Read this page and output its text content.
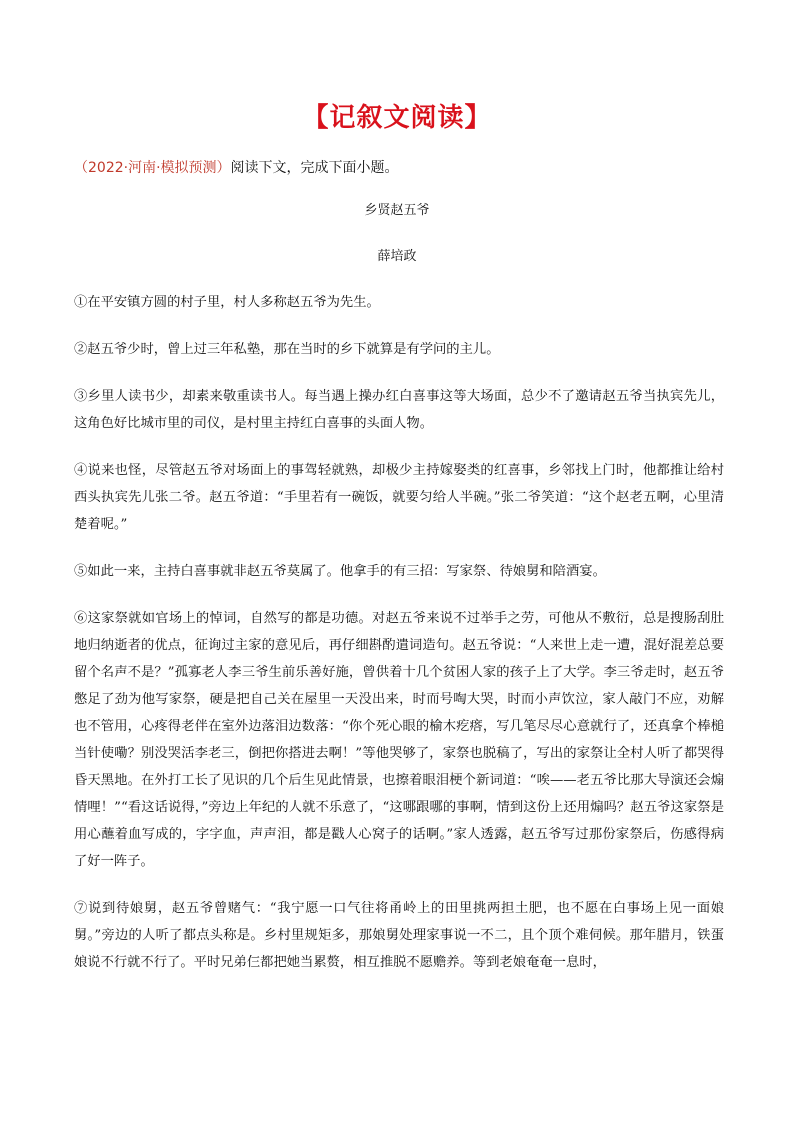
【记叙文阅读】
（2022·河南·模拟预测）阅读下文，完成下面小题。
乡贤赵五爷
薛培政

①在平安镇方圆的村子里，村人多称赵五爷为先生。

②赵五爷少时，曾上过三年私塾，那在当时的乡下就算是有学问的主儿。

③乡里人读书少，却素来敬重读书人。每当遇上操办红白喜事这等大场面，总少不了邀请赵五爷当执宾先儿，这角色好比城市里的司仪，是村里主持红白喜事的头面人物。

④说来也怪，尽管赵五爷对场面上的事驾轻就熟，却极少主持嫁娶类的红喜事，乡邻找上门时，他都推让给村西头执宾先儿张二爷。赵五爷道：“手里若有一碗饭，就要匀给人半碗。”张二爷笑道：“这个赵老五啊，心里清楚着呢。”

⑤如此一来，主持白喜事就非赵五爷莫属了。他拿手的有三招：写家祭、待娘舅和陪酒宴。

⑥这家祭就如官场上的悼词，自然写的都是功德。对赵五爷来说不过举手之劳，可他从不敷衍，总是搜肠刮肚地归纳逝者的优点，征询过主家的意见后，再仔细斟酌遣词造句。赵五爷说：“人来世上走一遭，混好混差总要留个名声不是？”孤寡老人李三爷生前乐善好施，曾供着十几个贫困人家的孩子上了大学。李三爷走时，赵五爷憋足了劲为他写家祭，硬是把自己关在屋里一天没出来，时而号啕大哭，时而小声饮泣，家人敲门不应，劝解也不管用，心疼得老伴在室外边落泪边数落：“你个死心眼的榆木疙瘩，写几笔尽尽心意就行了，还真拿个棒槌当针使嘞？别没哭活李老三，倒把你搭进去啊！”等他哭够了，家祭也脱稿了，写出的家祭让全村人听了都哭得昏天黑地。在外打工长了见识的几个后生见此情景，也擦着眼泪梗个新词道：“唉——老五爷比那大导演还会煽情哩！”“看这话说得，”旁边上年纪的人就不乐意了，“这哪跟哪的事啊，情到这份上还用煽吗？赵五爷这家祭是用心蘸着血写成的，字字血，声声泪，都是戳人心窝子的话啊。”家人透露，赵五爷写过那份家祭后，伤感得病了好一阵子。

⑦说到待娘舅，赵五爷曾赌气：“我宁愿一口气往将甬岭上的田里挑两担土肥，也不愿在白事场上见一面娘舅。”旁边的人听了都点头称是。乡村里规矩多，那娘舅处理家事说一不二，且个顶个难伺候。那年腊月，铁蛋娘说不行就不行了。平时兄弟仨都把她当累赘，相互推脱不愿赡养。等到老娘奄奄一息时，
